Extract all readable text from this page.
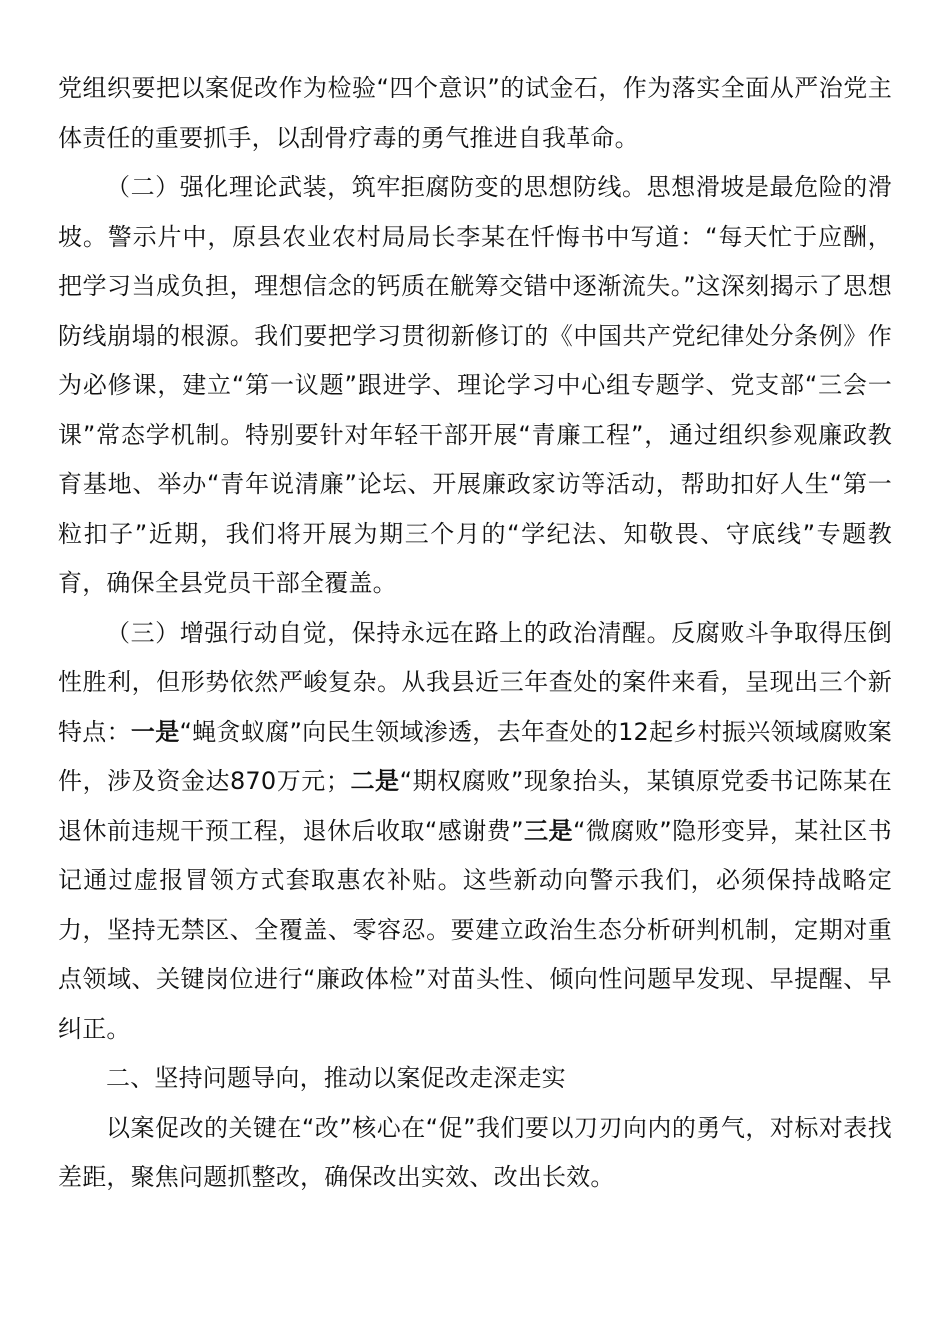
党组织要把以案促改作为检验“四个意识”的试金石，作为落实全面从严治党主体责任的重要抓手，以刮骨疗毒的勇气推进自我革命。

（二）强化理论武装，筑牢拒腐防变的思想防线。思想滑坡是最危险的滑坡。警示片中，原县农业农村局局长李某在忏悔书中写道：“每天忙于应酬，把学习当成负担，理想信念的钙质在觥筹交错中逐渐流失。”这深刻揭示了思想防线崩塌的根源。我们要把学习贯彻新修订的《中国共产党纪律处分条例》作为必修课，建立“第一议题”跟进学、理论学习中心组专题学、党支部“三会一课”常态学机制。特别要针对年轻干部开展“青廉工程”，通过组织参观廉政教育基地、举办“青年说清廉”论坛、开展廉政家访等活动，帮助扣好人生“第一粒扣子”近期，我们将开展为期三个月的“学纪法、知敬畏、守底线”专题教育，确保全县党员干部全覆盖。

（三）增强行动自觉，保持永远在路上的政治清醒。反腐败斗争取得压倒性胜利，但形势依然严峻复杂。从我县近三年查处的案件来看，呈现出三个新特点：一是“蝇贪蚁腐”向民生领域渗透，去年查处的12起乡村振兴领域腐败案件，涉及资金达870万元；二是“期权腐败”现象抬头，某镇原党委书记陈某在退休前违规干预工程，退休后收取“感谢费”三是“微腐败”隐形变异，某社区书记通过虚报冒领方式套取惠农补贴。这些新动向警示我们，必须保持战略定力，坚持无禁区、全覆盖、零容忍。要建立政治生态分析研判机制，定期对重点领域、关键岗位进行“廉政体检”对苗头性、倾向性问题早发现、早提醒、早纠正。

二、坚持问题导向，推动以案促改走深走实

以案促改的关键在“改”核心在“促”我们要以刀刃向内的勇气，对标对表找差距，聚焦问题抓整改，确保改出实效、改出长效。
